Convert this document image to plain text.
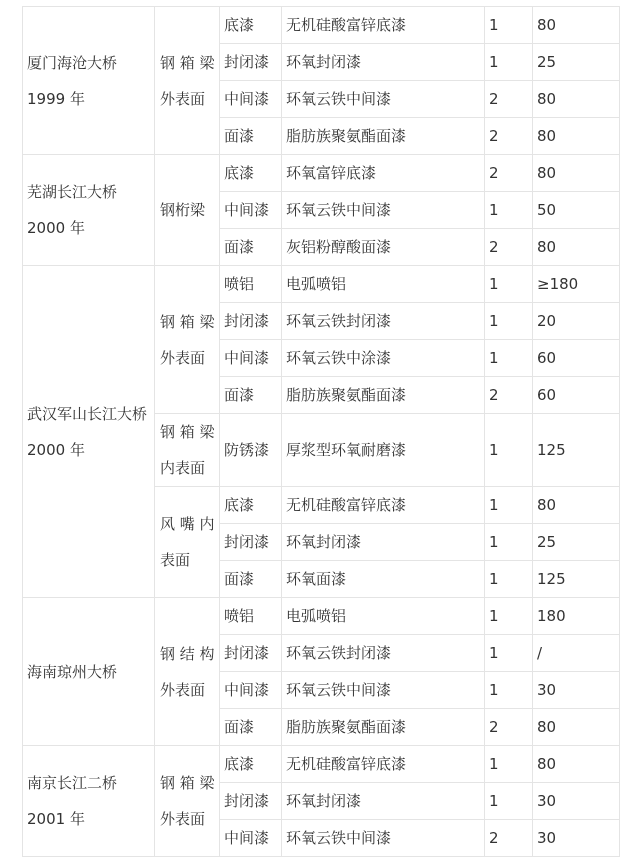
厦门海沧大桥
1999 年	钢 箱 梁 外表面	底漆	无机硅酸富锌底漆	1	80
		封闭漆	环氧封闭漆	1	25
		中间漆	环氧云铁中间漆	2	80
		面漆	脂肪族聚氨酯面漆	2	80

芜湖长江大桥
2000 年	钢桁梁	底漆	环氧富锌底漆	2	80
		中间漆	环氧云铁中间漆	1	50
		面漆	灰铝粉醇酸面漆	2	80

武汉军山长江大桥
2000 年	钢 箱 梁 外表面	喷铝	电弧喷铝	1	≥180
		封闭漆	环氧云铁封闭漆	1	20
		中间漆	环氧云铁中涂漆	1	60
		面漆	脂肪族聚氨酯面漆	2	60
	钢 箱 梁 内表面	防锈漆	厚浆型环氧耐磨漆	1	125
	风 嘴 内 表面	底漆	无机硅酸富锌底漆	1	80
		封闭漆	环氧封闭漆	1	25
		面漆	环氧面漆	1	125

海南琼州大桥	钢 结 构 外表面	喷铝	电弧喷铝	1	180
		封闭漆	环氧云铁封闭漆	1	/
		中间漆	环氧云铁中间漆	1	30
		面漆	脂肪族聚氨酯面漆	2	80

南京长江二桥
2001 年	钢 箱 梁 外表面	底漆	无机硅酸富锌底漆	1	80
		封闭漆	环氧封闭漆	1	30
		中间漆	环氧云铁中间漆	2	30
